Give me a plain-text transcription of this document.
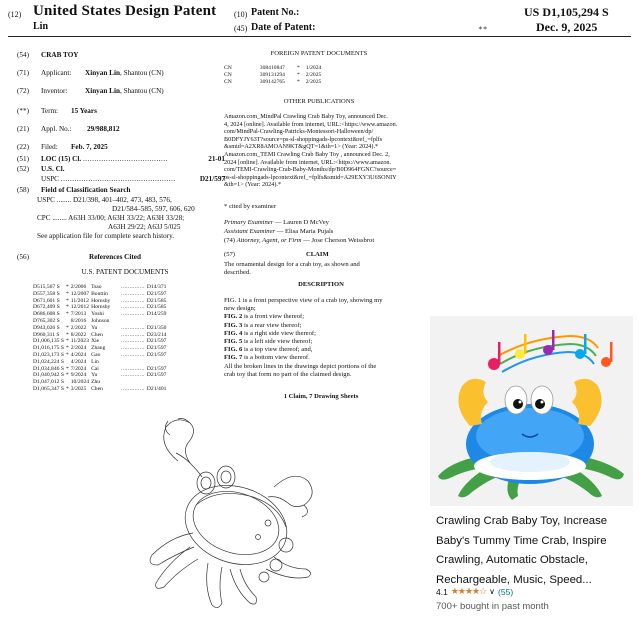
(12) United States Design Patent
Lin
(10) Patent No.:	US D1,105,294 S
(45) Date of Patent:	∗∗	Dec. 9, 2025
(54) CRAB TOY
(71) Applicant: Xinyan Lin, Shantou (CN)
(72) Inventor: Xinyan Lin, Shantou (CN)
(**) Term: 15 Years
(21) Appl. No.: 29/988,812
(22) Filed: Feb. 7, 2025
(51) LOC (15) Cl. .....................................	21-01
(52) U.S. Cl.
USPC ..................................................	D21/597
(58) Field of Classification Search
USPC ........ D21/398, 401–402, 473, 483, 576,
D21/584–585, 597, 606, 620
CPC ........ A63H 33/00; A63H 33/22; A63H 33/28;
A63H 29/22; A63J 5/025
See application file for complete search history.
(56)	References Cited
U.S. PATENT DOCUMENTS
D515,567 S	*	2/2006	Tsao	..............	D14/371
D557,358 S	*	12/2007	Bouttin	..............	D21/597
D671,601 S	*	11/2012	Hornsby	..............	D21/585
D672,409 S	*	12/2012	Hornsby	..............	D21/585
D686,608 S	*	7/2013	Yoshi	..............	D14/259
D765,302 S		8/2016	Johnson		
D943,026 S	*	2/2022	Yu	..............	D21/350
D960,311 S	*	8/2022	Chen	..............	D23/214
D1,006,135 S	*	11/2023	Xie	..............	D21/597
D1,016,175 S	*	2/2024	Zhang	..............	D21/597
D1,023,173 S	*	4/2024	Gao	..............	D21/597
D1,024,224 S		4/2024	Lin		
D1,034,846 S	*	7/2024	Cai	..............	D21/597
D1,040,942 S	*	9/2024	Yu	..............	D21/597
D1,047,012 S		10/2024	Zhu		
D1,065,347 S	*	3/2025	Chen	..............	D21/401
FOREIGN PATENT DOCUMENTS
CN	308410847	*	1/2024
CN	309131294	*	2/2025
CN	309142765	*	2/2025
OTHER PUBLICATIONS
Amazon.com_MindPal Crawling Crab Baby Toy, announced Dec.
4, 2024 [online]. Available from internet, URL:<https://www.amazon.
com/MindPal-Crawling-Patricks-Montessori-Halloween/dp/
B0DFYJY63T?source=ps-sl-shoppingads-lpcontext&ref_=fplfs
&smid=A2XR8AMOAN9KT&gQT=1&th=1> (Year: 2024).*
Amazon.com_TEMI Crawling Crab Baby Toy , announced Dec. 2,
2024 [online]. Available from internet, URL:<https://www.amazon.
com/TEMI-Crawling-Crab-Baby-Months/dp/B0D964FGNC?source=
ps-sl-shoppingads-lpcontext&ref_=fplfs&smid=A29EXY3U6SONIY
&th=1> (Year: 2024).*
* cited by examiner
Primary Examiner — Lauren D McVey
Assistant Examiner — Elisa Maria Pujals
(74) Attorney, Agent, or Firm — Jose Cherson Weissbrot
(57)	CLAIM
The ornamental design for a crab toy, as shown and
described.
DESCRIPTION
FIG. 1 is a front perspective view of a crab toy, showing my
new design;
FIG. 2 is a front view thereof;
FIG. 3 is a rear view thereof;
FIG. 4 is a right side view thereof;
FIG. 5 is a left side view thereof;
FIG. 6 is a top view thereof; and,
FIG. 7 is a bottom view thereof.
All the broken lines in the drawings depict portions of the
crab toy that form no part of the claimed design.
1 Claim, 7 Drawing Sheets
Crawling Crab Baby Toy, Increase
Baby's Tummy Time Crab, Inspire
Crawling, Automatic Obstacle,
Rechargeable, Music, Speed...
4.1 ★★★★☆ ∨ (55)
700+ bought in past month
